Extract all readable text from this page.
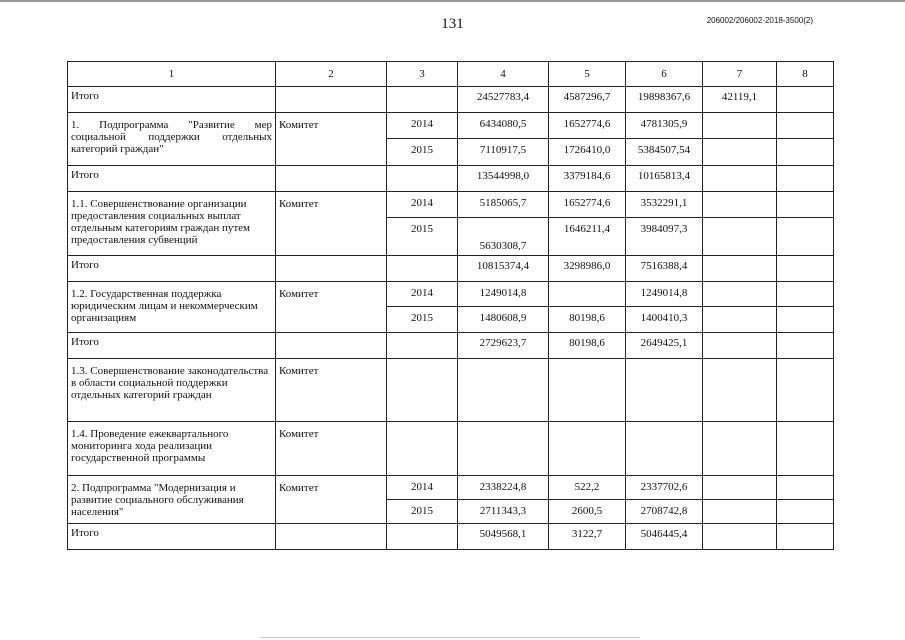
131	206002/206002-2018-3500(2)
1	2	3	4	5	6	7	8
Итого			24527783,4	4587296,7	19898367,6	42119,1	

1. Подпрограмма "Развитие мер
социальной поддержки отдельных
категорий граждан"	Комитет	2014	6434080,5	1652774,6	4781305,9		
		2015	7110917,5	1726410,0	5384507,54		
Итого			13544998,0	3379184,6	10165813,4		
1.1. Совершенствование организации предоставления социальных выплат отдельным категориям граждан путем предоставления субвенций	Комитет	2014	5185065,7	1652774,6	3532291,1		
		2015	5630308,7	1646211,4	3984097,3		
Итого			10815374,4	3298986,0	7516388,4		
1.2. Государственная поддержка юридическим лицам и некоммерческим организациям	Комитет	2014	1249014,8		1249014,8		
		2015	1480608,9	80198,6	1400410,3		
Итого			2729623,7	80198,6	2649425,1		
1.3. Совершенствование законодательства в области социальной поддержки отдельных категорий граждан	Комитет						
1.4. Проведение ежеквартального мониторинга хода реализации государственной программы	Комитет						
2. Подпрограмма "Модернизация и развитие социального обслуживания населения"	Комитет	2014	2338224,8	522,2	2337702,6		
		2015	2711343,3	2600,5	2708742,8		
Итого			5049568,1	3122,7	5046445,4		
